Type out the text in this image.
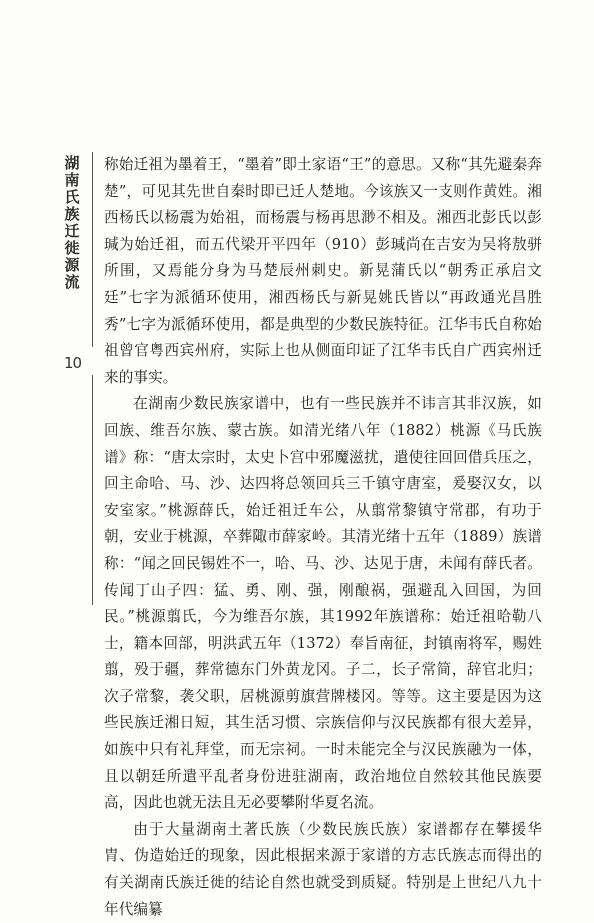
湖
南
氏
族
迁
徙
源
流
10

称始迁祖为墨着王，“墨着”即土家语“王”的意思。又称“其先避秦奔楚”，可见其先世自秦时即已迁人楚地。今该族又一支则作黄姓。湘西杨氏以杨震为始祖，而杨震与杨再思渺不相及。湘西北彭氏以彭瑊为始迁祖，而五代梁开平四年（910）彭瑊尚在吉安为吴将敖骈所围，又焉能分身为马楚辰州刺史。新晃蒲氏以“朝秀正承启文廷”七字为派循环使用，湘西杨氏与新晃姚氏皆以“再政通光昌胜秀”七字为派循环使用，都是典型的少数民族特征。江华韦氏自称始祖曾官粤西宾州府，实际上也从侧面印证了江华韦氏自广西宾州迁来的事实。

在湖南少数民族家谱中，也有一些民族并不讳言其非汉族，如回族、维吾尔族、蒙古族。如清光绪八年（1882）桃源《马氏族谱》称：“唐太宗时，太史卜宫中邪魔滋扰，遣使往回回借兵压之，回主命哈、马、沙、达四将总领回兵三千镇守唐室，爰娶汉女，以安室家。”桃源薛氏，始迁祖迁车公，从翦常黎镇守常郡，有功于朝，安业于桃源，卒葬陬市薛家岭。其清光绪十五年（1889）族谱称：“闻之回民锡姓不一，哈、马、沙、达见于唐，未闻有薛氏者。传闻丁山子四：猛、勇、刚、强，刚酿祸，强避乱入回国，为回民。”桃源翦氏，今为维吾尔族，其1992年族谱称：始迁祖哈勒八士，籍本回部，明洪武五年（1372）奉旨南征，封镇南将军，赐姓翦，殁于疆，葬常德东门外黄龙冈。子二，长子常简，辞官北归；次子常黎，袭父职，居桃源剪旗营牌楼冈。等等。这主要是因为这些民族迁湘日短，其生活习惯、宗族信仰与汉民族都有很大差异，如族中只有礼拜堂，而无宗祠。一时未能完全与汉民族融为一体，且以朝廷所遣平乱者身份进驻湖南，政治地位自然较其他民族要高，因此也就无法且无必要攀附华夏名流。

由于大量湖南土著氏族（少数民族氏族）家谱都存在攀援华胄、伪造始迁的现象，因此根据来源于家谱的方志氏族志而得出的有关湖南氏族迁徙的结论自然也就受到质疑。特别是上世纪八九十年代编纂
